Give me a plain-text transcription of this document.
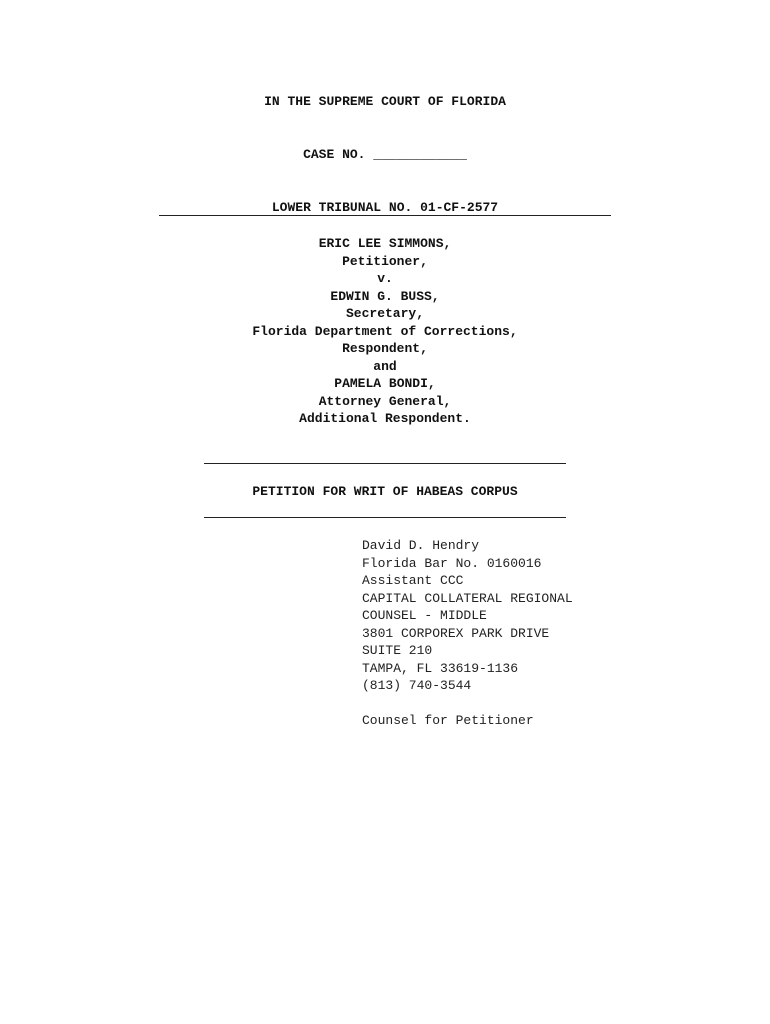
IN THE SUPREME COURT OF FLORIDA
CASE NO. ____________
LOWER TRIBUNAL NO. 01-CF-2577
ERIC LEE SIMMONS,
Petitioner,
v.
EDWIN G. BUSS,
Secretary,
Florida Department of Corrections,
Respondent,
and
PAMELA BONDI,
Attorney General,
Additional Respondent.
PETITION FOR WRIT OF HABEAS CORPUS
David D. Hendry
Florida Bar No. 0160016
Assistant CCC
CAPITAL COLLATERAL REGIONAL
COUNSEL - MIDDLE
3801 CORPOREX PARK DRIVE
SUITE 210
TAMPA, FL 33619-1136
(813) 740-3544
Counsel for Petitioner
